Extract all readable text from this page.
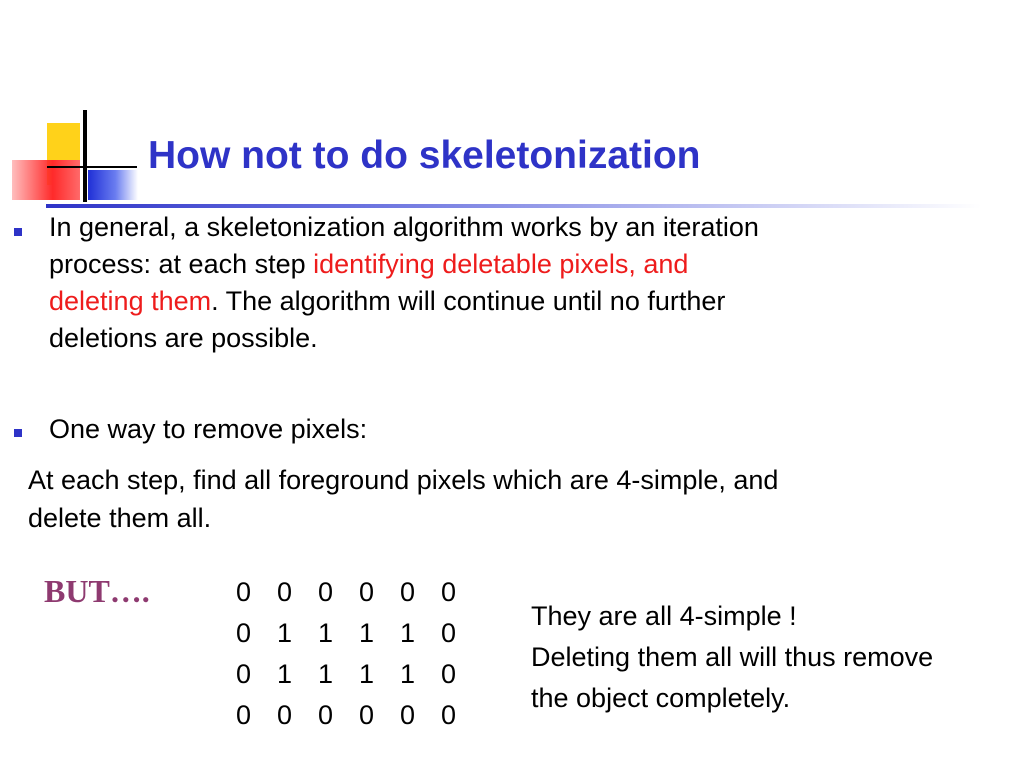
How not to do skeletonization
In general, a skeletonization algorithm works by an iteration
process: at each step identifying deletable pixels, and
deleting them. The algorithm will continue until no further
deletions are possible.
One way to remove pixels:
At each step, find all foreground pixels which are 4-simple, and
delete them all.
BUT….	0 0 0 0 0 0
0 1 1 1 1 0
0 1 1 1 1 0
0 0 0 0 0 0
They are all 4-simple !
Deleting them all will thus remove
the object completely.
